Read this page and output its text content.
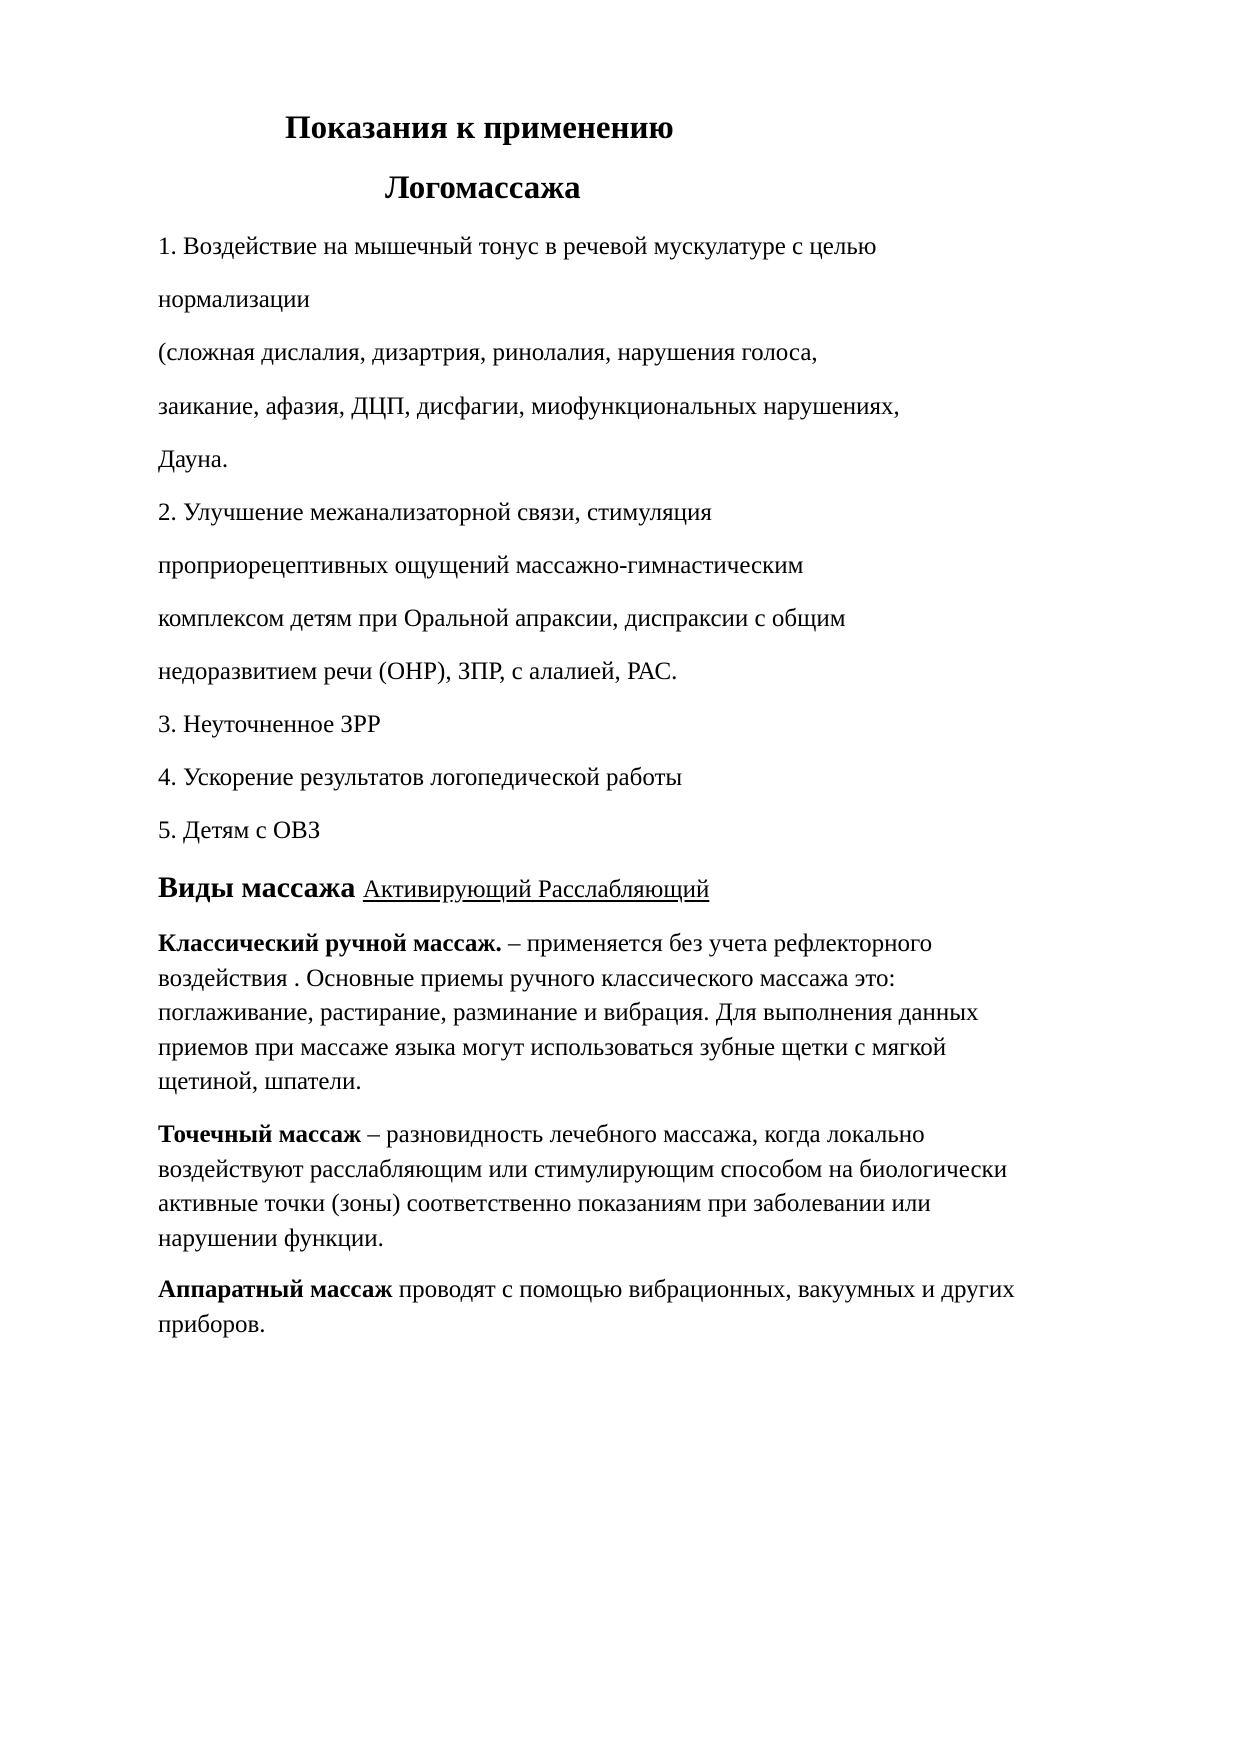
Показания к применению
Логомассажа
1. Воздействие на мышечный тонус в речевой мускулатуре с целью
нормализации
(сложная дислалия, дизартрия, ринолалия, нарушения голоса,
заикание, афазия, ДЦП, дисфагии, миофункциональных нарушениях,
Дауна.
2. Улучшение межанализаторной связи, стимуляция
проприорецептивных ощущений массажно-гимнастическим
комплексом детям при Оральной апраксии, диспраксии с общим
недоразвитием речи (ОНР), ЗПР, с алалией, РАС.
3. Неуточненное ЗРР
4. Ускорение результатов логопедической работы
5. Детям с ОВЗ
Виды массажа Активирующий Расслабляющий
Классический ручной массаж. – применяется без учета рефлекторного воздействия . Основные приемы ручного классического массажа это: поглаживание, растирание, разминание и вибрация. Для выполнения данных приемов при массаже языка могут использоваться зубные щетки с мягкой щетиной, шпатели.
Точечный массаж – разновидность лечебного массажа, когда локально воздействуют расслабляющим или стимулирующим способом на биологически активные точки (зоны) соответственно показаниям при заболевании или нарушении функции.
Аппаратный массаж проводят с помощью вибрационных, вакуумных и других приборов.
